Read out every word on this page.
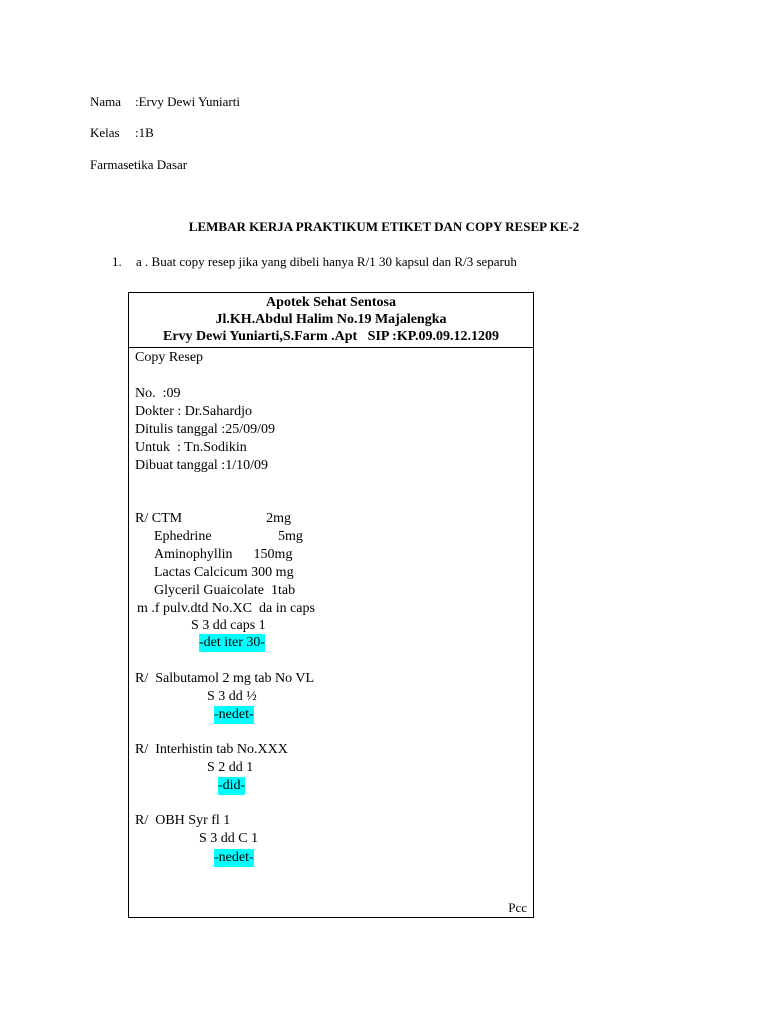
Nama :Ervy Dewi Yuniarti
Kelas :1B
Farmasetika Dasar
LEMBAR KERJA PRAKTIKUM ETIKET DAN COPY RESEP KE-2
1. a . Buat copy resep jika yang dibeli hanya R/1 30 kapsul dan R/3 separuh
Apotek Sehat Sentosa
Jl.KH.Abdul Halim No.19 Majalengka
Ervy Dewi Yuniarti,S.Farm .Apt   SIP :KP.09.09.12.1209
Copy Resep
No.  :09
Dokter : Dr.Sahardjo
Ditulis tanggal :25/09/09
Untuk  : Tn.Sodikin
Dibuat tanggal :1/10/09
R/ CTM                        2mg
Ephedrine                   5mg
Aminophyllin      150mg
Lactas Calcicum 300 mg
Glyceril Guaicolate  1tab
m .f pulv.dtd No.XC  da in caps
S 3 dd caps 1
-det iter 30-
R/  Salbutamol 2 mg tab No VL
S 3 dd ½
-nedet-
R/  Interhistin tab No.XXX
S 2 dd 1
-did-
R/  OBH Syr fl 1
S 3 dd C 1
-nedet-
Pcc
